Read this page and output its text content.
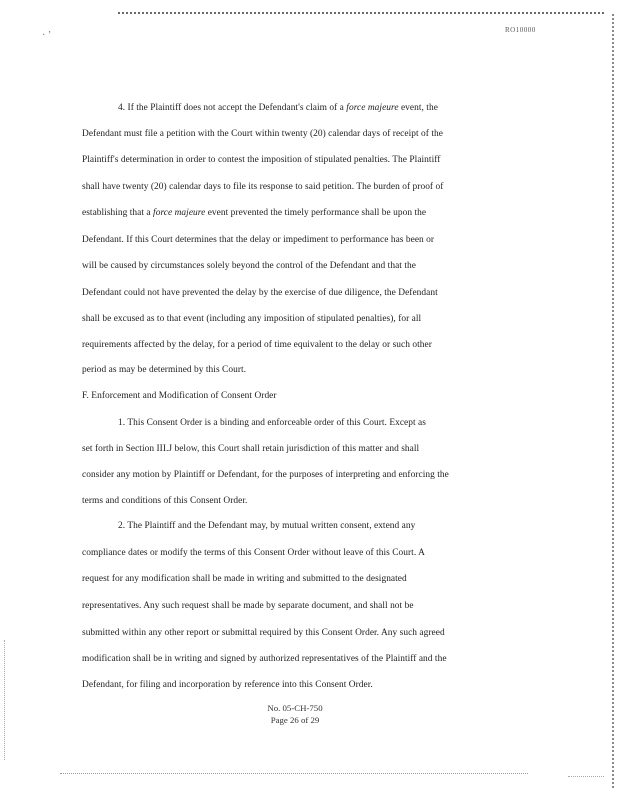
· ’	RO10000
4. If the Plaintiff does not accept the Defendant's claim of a force majeure event, the
Defendant must file a petition with the Court within twenty (20) calendar days of receipt of the
Plaintiff's determination in order to contest the imposition of stipulated penalties. The Plaintiff
shall have twenty (20) calendar days to file its response to said petition. The burden of proof of
establishing that a force majeure event prevented the timely performance shall be upon the
Defendant. If this Court determines that the delay or impediment to performance has been or
will be caused by circumstances solely beyond the control of the Defendant and that the
Defendant could not have prevented the delay by the exercise of due diligence, the Defendant
shall be excused as to that event (including any imposition of stipulated penalties), for all
requirements affected by the delay, for a period of time equivalent to the delay or such other
period as may be determined by this Court.
F. Enforcement and Modification of Consent Order
1. This Consent Order is a binding and enforceable order of this Court. Except as
set forth in Section III.J below, this Court shall retain jurisdiction of this matter and shall
consider any motion by Plaintiff or Defendant, for the purposes of interpreting and enforcing the
terms and conditions of this Consent Order.
2. The Plaintiff and the Defendant may, by mutual written consent, extend any
compliance dates or modify the terms of this Consent Order without leave of this Court. A
request for any modification shall be made in writing and submitted to the designated
representatives. Any such request shall be made by separate document, and shall not be
submitted within any other report or submittal required by this Consent Order. Any such agreed
modification shall be in writing and signed by authorized representatives of the Plaintiff and the
Defendant, for filing and incorporation by reference into this Consent Order.
No. 05-CH-750
Page 26 of 29
